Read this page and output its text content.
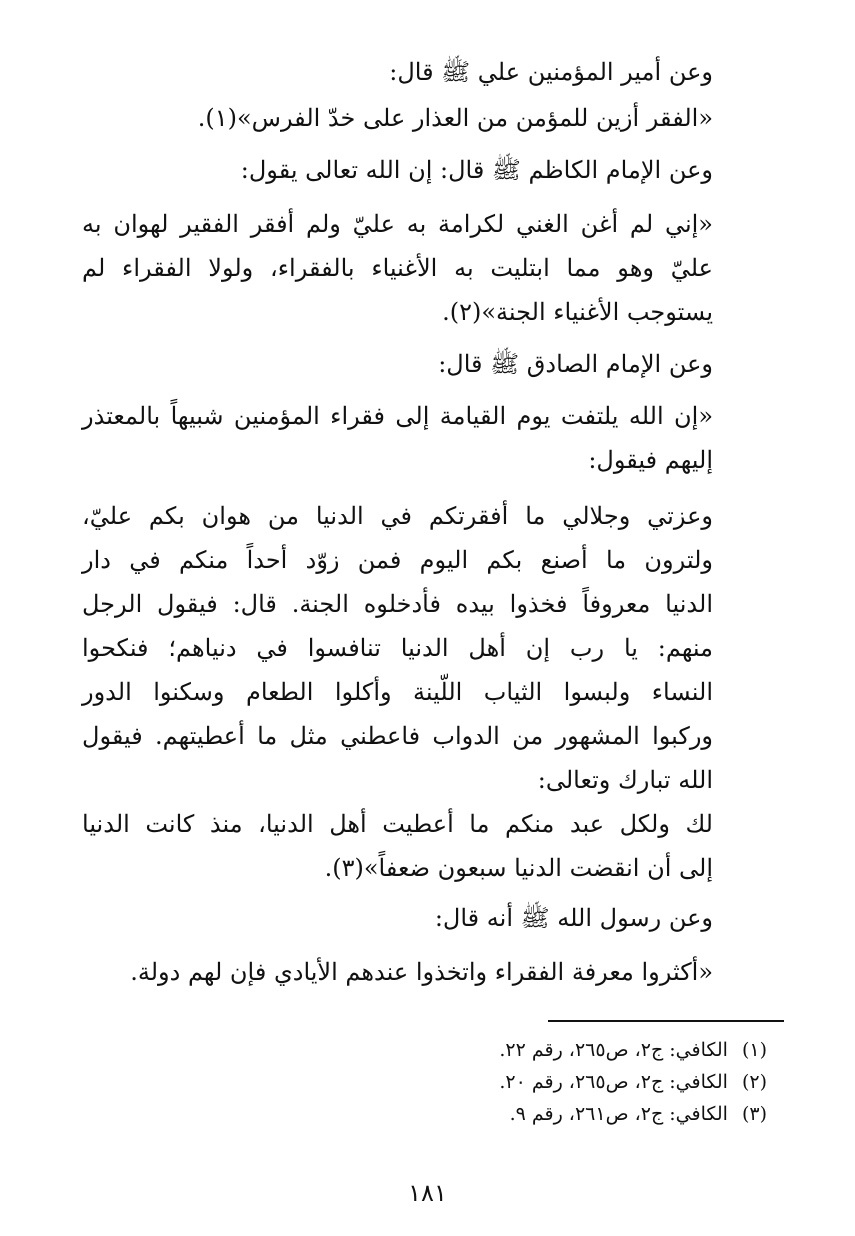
وعن أمير المؤمنين علي ﷺ قال:
«الفقر أزين للمؤمن من العذار على خدّ الفرس»(١).
وعن الإمام الكاظم ﷺ قال: إن الله تعالى يقول:
«إني لم أغن الغني لكرامة به عليّ ولم أفقر الفقير لهوان به
عليّ وهو مما ابتليت به الأغنياء بالفقراء، ولولا الفقراء لم
يستوجب الأغنياء الجنة»(٢).
وعن الإمام الصادق ﷺ قال:
«إن الله يلتفت يوم القيامة إلى فقراء المؤمنين شبيهاً بالمعتذر
إليهم فيقول:
وعزتي وجلالي ما أفقرتكم في الدنيا من هوان بكم عليّ،
ولترون ما أصنع بكم اليوم فمن زوّد أحداً منكم في دار
الدنيا معروفاً فخذوا بيده فأدخلوه الجنة. قال: فيقول الرجل
منهم: يا رب إن أهل الدنيا تنافسوا في دنياهم؛ فنكحوا
النساء ولبسوا الثياب اللّينة وأكلوا الطعام وسكنوا الدور
وركبوا المشهور من الدواب فاعطني مثل ما أعطيتهم. فيقول
الله تبارك وتعالى:
لك ولكل عبد منكم ما أعطيت أهل الدنيا، منذ كانت الدنيا
إلى أن انقضت الدنيا سبعون ضعفاً»(٣).
وعن رسول الله ﷺ أنه قال:
«أكثروا معرفة الفقراء واتخذوا عندهم الأيادي فإن لهم دولة.
(١)الكافي: ج٢، ص٢٦٥، رقم ٢٢.
(٢)الكافي: ج٢، ص٢٦٥، رقم ٢٠.
(٣)الكافي: ج٢، ص٢٦١، رقم ٩.
١٨١
